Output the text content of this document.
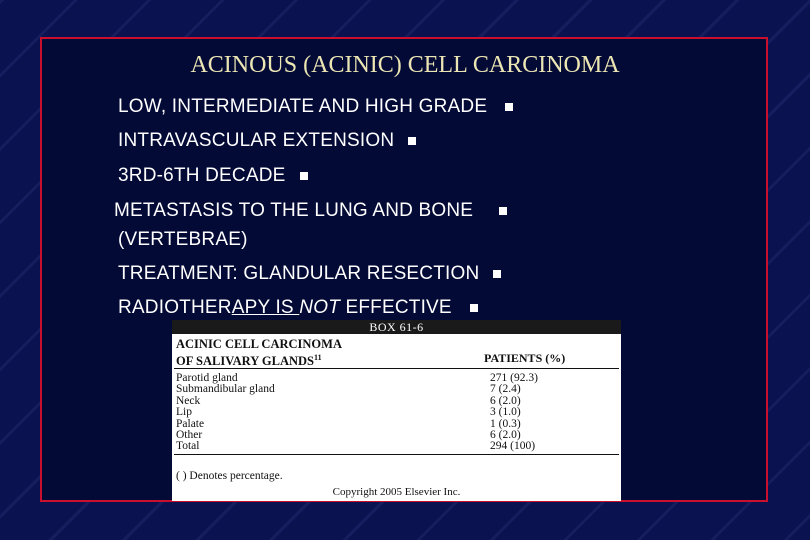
ACINOUS (ACINIC) CELL CARCINOMA
LOW, INTERMEDIATE AND HIGH GRADE
INTRAVASCULAR EXTENSION
3RD-6TH DECADE
METASTASIS TO THE LUNG AND BONE
(VERTEBRAE)
TREATMENT: GLANDULAR RESECTION
RADIOTHERAPY IS NOT EFFECTIVE
BOX 61-6
ACINIC CELL CARCINOMA
OF SALIVARY GLANDS$^{11}$	PATIENTS (%)
Parotid gland	271 (92.3)
Submandibular gland	7 (2.4)
Neck	6 (2.0)
Lip	3 (1.0)
Palate	1 (0.3)
Other	6 (2.0)
Total	294 (100)
( ) Denotes percentage.
Copyright 2005 Elsevier Inc.
